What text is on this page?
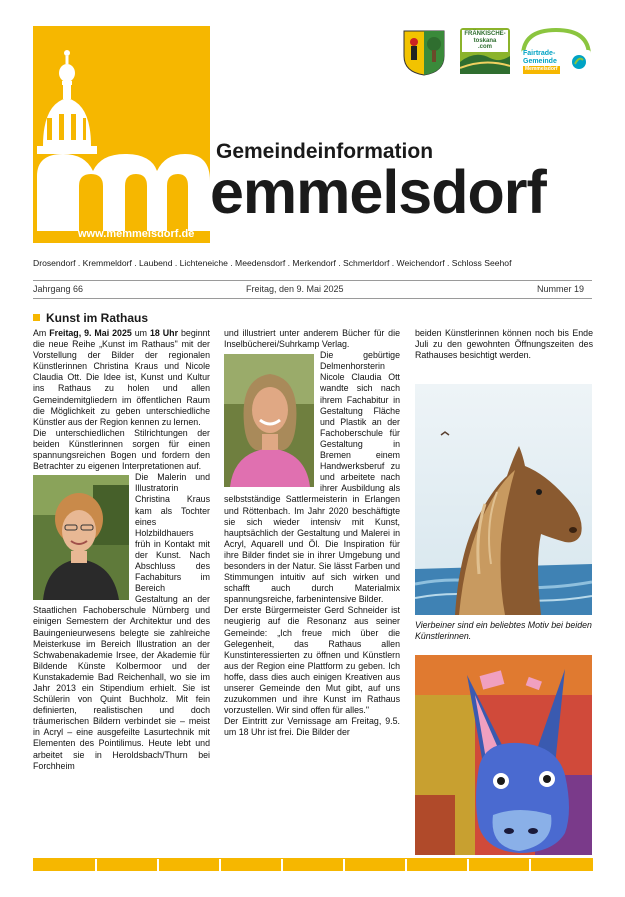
www.memmelsdorf.de
FRÄNKISCHE-
toskana
.com
Fairtrade-
Gemeinde
Memmelsdorf
Gemeindeinformation
emmelsdorf
Drosendorf . Kremmeldorf . Laubend . Lichteneiche . Meedensdorf . Merkendorf . Schmerldorf . Weichendorf . Schloss Seehof
Jahrgang 66	Freitag, den 9. Mai 2025	Nummer 19
Kunst im Rathaus

Am Freitag, 9. Mai 2025 um 18 Uhr beginnt die neue Reihe „Kunst im Rathaus" mit der Vorstellung der Bilder der regionalen Künstlerinnen Christina Kraus und Nicole Claudia Ott. Die Idee ist, Kunst und Kultur ins Rathaus zu holen und allen Gemeindemitgliedern im öffentlichen Raum die Möglichkeit zu geben unterschiedliche Künstler aus der Region kennen zu lernen.

Die unterschiedlichen Stilrichtungen der beiden Künstlerinnen sorgen für einen spannungsreichen Bogen und fordern den Betrachter zu eigenen Interpretationen auf.

Die Malerin und Illustratorin Christina Kraus kam als Tochter eines Holzbildhauers früh in Kontakt mit der Kunst. Nach Abschluss des Fachabiturs im Bereich Gestaltung an der Staatlichen Fachoberschule Nürnberg und einigen Semestern der Architektur und des Bauingenieurwesens belegte sie zahlreiche Meisterkuse im Bereich Illustration an der Schwabenakademie Irsee, der Akademie für Bildende Künste Kolbermoor und der Kunstakademie Bad Reichenhall, wo sie im Jahr 2013 ein Stipendium erhielt. Sie ist Schülerin von Quint Buchholz. Mit fein definierten, realistischen und doch träumerischen Bildern verbindet sie – meist in Acryl – eine ausgefeilte Lasurtechnik mit Elementen des Pointilimus. Heute lebt und arbeitet sie in Heroldsbach/Thurn bei Forchheim

und illustriert unter anderem Bücher für die Inselbücherei/Suhrkamp Verlag.

Die gebürtige Delmenhorsterin Nicole Claudia Ott wandte sich nach ihrem Fachabitur in Gestaltung Fläche und Plastik an der Fachoberschule für Gestaltung in Bremen einem Handwerksberuf zu und arbeitete nach ihrer Ausbildung als selbstständige Sattlermeisterin in Erlangen und Röttenbach. Im Jahr 2020 beschäftigte sie sich wieder intensiv mit Kunst, hauptsächlich der Gestaltung und Malerei in Acryl, Aquarell und Öl. Die Inspiration für ihre Bilder findet sie in ihrer Umgebung und besonders in der Natur. Sie lässt Farben und Stimmungen intuitiv auf sich wirken und schafft auch durch Materialmix spannungsreiche, farbenintensive Bilder.

Der erste Bürgermeister Gerd Schneider ist neugierig auf die Resonanz aus seiner Gemeinde: „Ich freue mich über die Gelegenheit, das Rathaus allen Kunstinteressierten zu öffnen und Künstlern aus der Region eine Plattform zu geben. Ich hoffe, dass dies auch einigen Kreativen aus unserer Gemeinde den Mut gibt, auf uns zuzukommen und ihre Kunst im Rathaus vorzustellen. Wir sind offen für alles."

Der Eintritt zur Vernissage am Freitag, 9.5. um 18 Uhr ist frei. Die Bilder der

beiden Künstlerinnen können noch bis Ende Juli zu den gewohnten Öffnungszeiten des Rathauses besichtigt werden.

Vierbeiner sind ein beliebtes Motiv bei beiden Künstlerinnen.
